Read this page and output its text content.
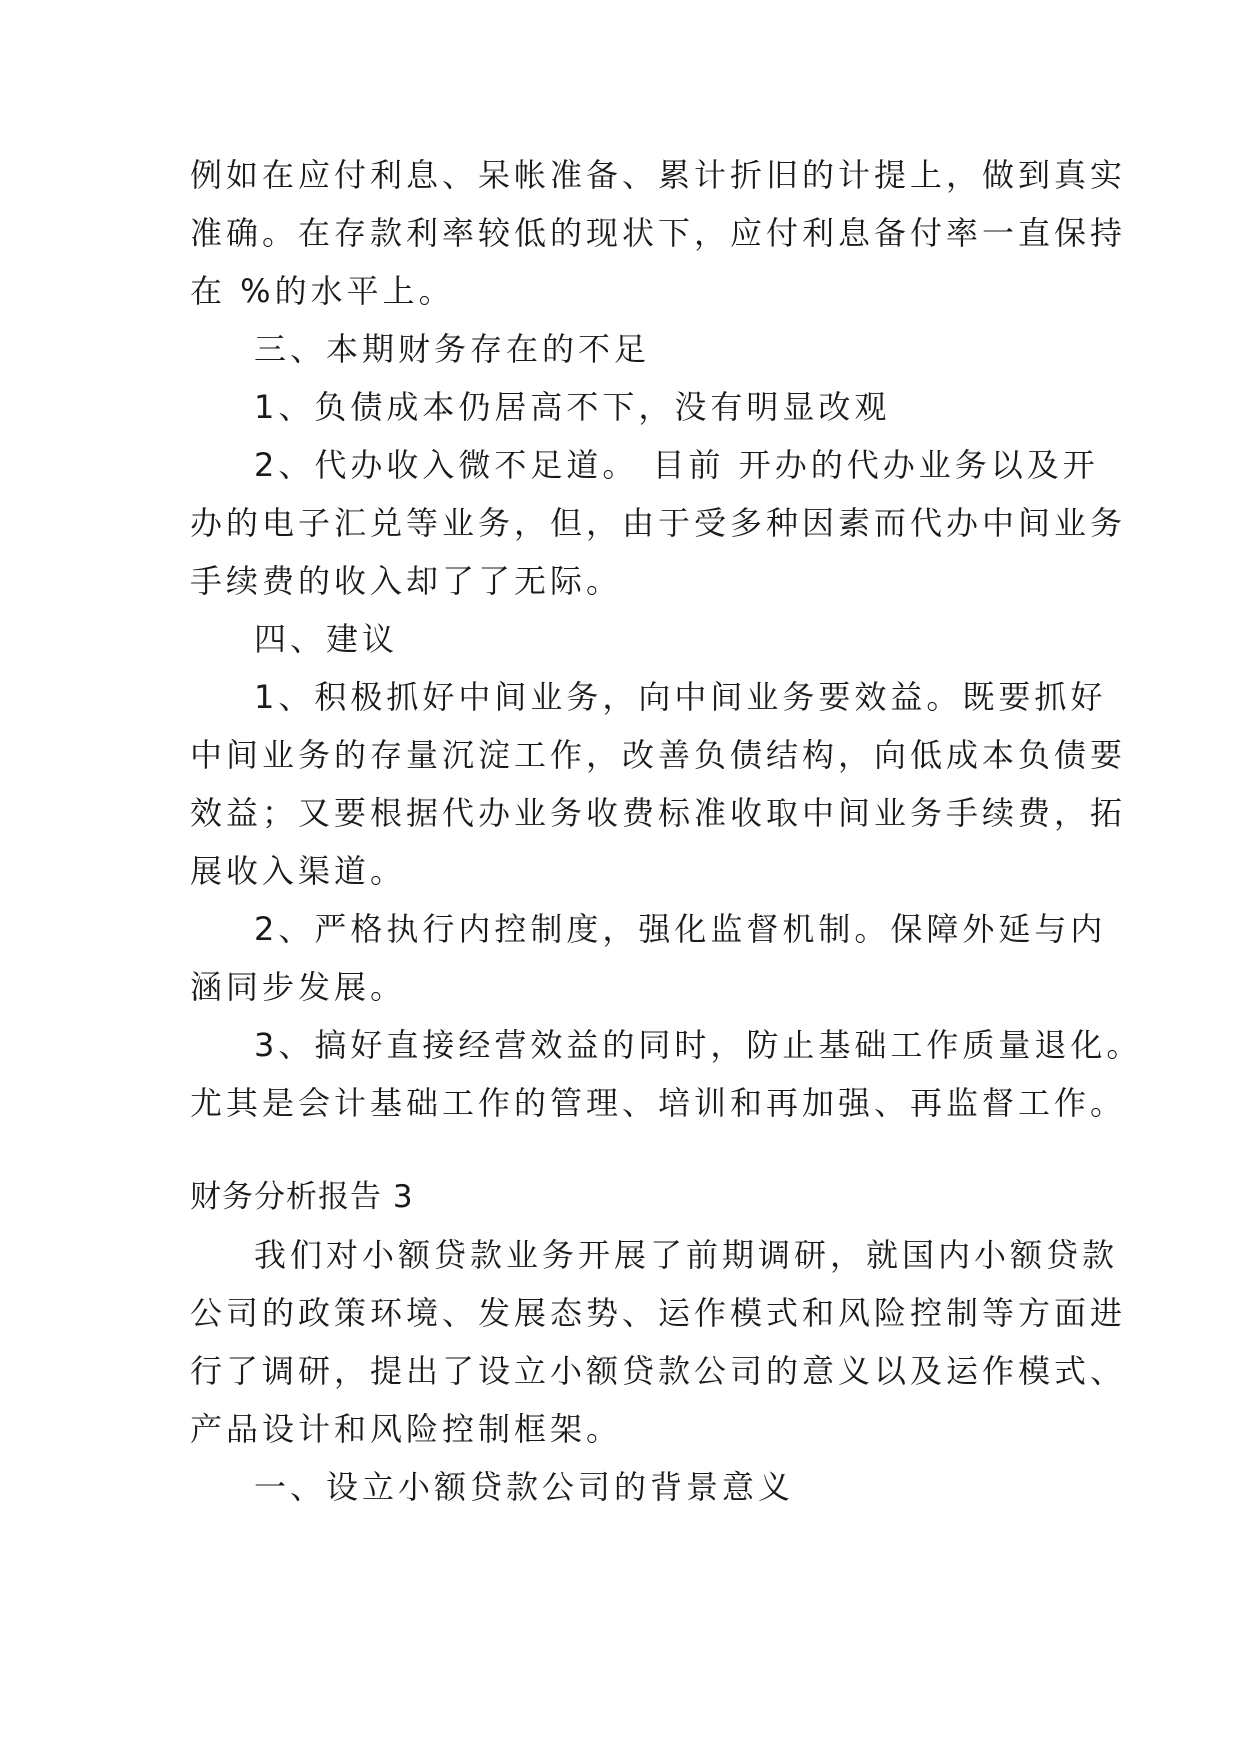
例如在应付利息、呆帐准备、累计折旧的计提上，做到真实
准确。在存款利率较低的现状下，应付利息备付率一直保持
在 %的水平上。
三、本期财务存在的不足
1、负债成本仍居高不下，没有明显改观
2、代办收入微不足道。 目前 开办的代办业务以及开
办的电子汇兑等业务，但，由于受多种因素而代办中间业务
手续费的收入却了了无际。
四、建议
1、积极抓好中间业务，向中间业务要效益。既要抓好
中间业务的存量沉淀工作，改善负债结构，向低成本负债要
效益；又要根据代办业务收费标准收取中间业务手续费，拓
展收入渠道。
2、严格执行内控制度，强化监督机制。保障外延与内
涵同步发展。
3、搞好直接经营效益的同时，防止基础工作质量退化。
尤其是会计基础工作的管理、培训和再加强、再监督工作。
财务分析报告 3
我们对小额贷款业务开展了前期调研，就国内小额贷款
公司的政策环境、发展态势、运作模式和风险控制等方面进
行了调研，提出了设立小额贷款公司的意义以及运作模式、
产品设计和风险控制框架。
一、设立小额贷款公司的背景意义
